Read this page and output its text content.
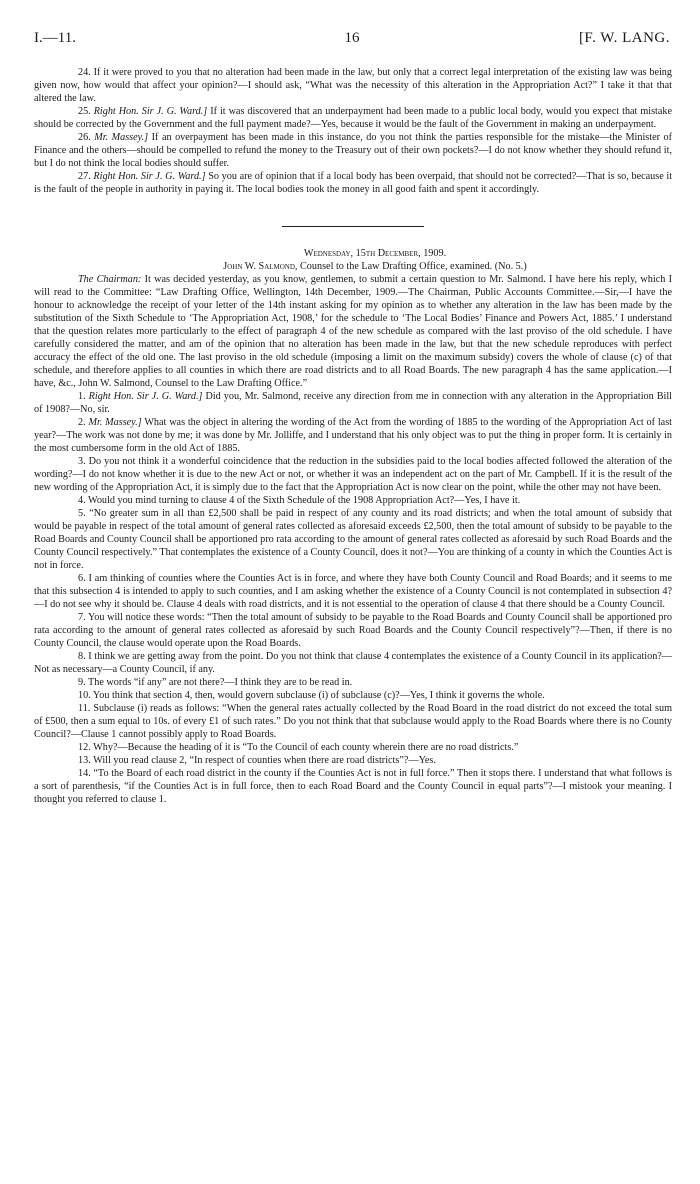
I.—11.	16	[F. W. LANG.

24. If it were proved to you that no alteration had been made in the law, but only that a correct legal interpretation of the existing law was being given now, how would that affect your opinion?—I should ask, “What was the necessity of this alteration in the Appropriation Act?” I take it that that altered the law.

25. Right Hon. Sir J. G. Ward.] If it was discovered that an underpayment had been made to a public local body, would you expect that mistake should be corrected by the Government and the full payment made?—Yes, because it would be the fault of the Government in making an underpayment.

26. Mr. Massey.] If an overpayment has been made in this instance, do you not think the parties responsible for the mistake—the Minister of Finance and the others—should be compelled to refund the money to the Treasury out of their own pockets?—I do not know whether they should refund it, but I do not think the local bodies should suffer.

27. Right Hon. Sir J. G. Ward.] So you are of opinion that if a local body has been overpaid, that should not be corrected?—That is so, because it is the fault of the people in authority in paying it. The local bodies took the money in all good faith and spent it accordingly.

Wednesday, 15th December, 1909.

John W. Salmond, Counsel to the Law Drafting Office, examined. (No. 5.)

The Chairman: It was decided yesterday, as you know, gentlemen, to submit a certain question to Mr. Salmond. I have here his reply, which I will read to the Committee: “Law Drafting Office, Wellington, 14th December, 1909.—The Chairman, Public Accounts Committee.—Sir,—I have the honour to acknowledge the receipt of your letter of the 14th instant asking for my opinion as to whether any alteration in the law has been made by the substitution of the Sixth Schedule to ‘The Appropriation Act, 1908,’ for the schedule to ‘The Local Bodies’ Finance and Powers Act, 1885.’ I understand that the question relates more particularly to the effect of paragraph 4 of the new schedule as compared with the last proviso of the old schedule. I have carefully considered the matter, and am of the opinion that no alteration has been made in the law, but that the new schedule reproduces with perfect accuracy the effect of the old one. The last proviso in the old schedule (imposing a limit on the maximum subsidy) covers the whole of clause (c) of that schedule, and therefore applies to all counties in which there are road districts and to all Road Boards. The new paragraph 4 has the same application.—I have, &c., John W. Salmond, Counsel to the Law Drafting Office.”

1. Right Hon. Sir J. G. Ward.] Did you, Mr. Salmond, receive any direction from me in connection with any alteration in the Appropriation Bill of 1908?—No, sir.

2. Mr. Massey.] What was the object in altering the wording of the Act from the wording of 1885 to the wording of the Appropriation Act of last year?—The work was not done by me; it was done by Mr. Jolliffe, and I understand that his only object was to put the thing in proper form. It is certainly in the most cumbersome form in the old Act of 1885.

3. Do you not think it a wonderful coincidence that the reduction in the subsidies paid to the local bodies affected followed the alteration of the wording?—I do not know whether it is due to the new Act or not, or whether it was an independent act on the part of Mr. Campbell. If it is the result of the new wording of the Appropriation Act, it is simply due to the fact that the Appropriation Act is now clear on the point, while the other may not have been.

4. Would you mind turning to clause 4 of the Sixth Schedule of the 1908 Appropriation Act?—Yes, I have it.

5. “No greater sum in all than £2,500 shall be paid in respect of any county and its road districts; and when the total amount of subsidy that would be payable in respect of the total amount of general rates collected as aforesaid exceeds £2,500, then the total amount of subsidy to be payable to the Road Boards and County Council shall be apportioned pro rata according to the amount of general rates collected as aforesaid by such Road Boards and the County Council respectively.” That contemplates the existence of a County Council, does it not?—You are thinking of a county in which the Counties Act is not in force.

6. I am thinking of counties where the Counties Act is in force, and where they have both County Council and Road Boards; and it seems to me that this subsection 4 is intended to apply to such counties, and I am asking whether the existence of a County Council is not contemplated in subsection 4?—I do not see why it should be. Clause 4 deals with road districts, and it is not essential to the operation of clause 4 that there should be a County Council.

7. You will notice these words: “Then the total amount of subsidy to be payable to the Road Boards and County Council shall be apportioned pro rata according to the amount of general rates collected as aforesaid by such Road Boards and the County Council respectively”?—Then, if there is no County Council, the clause would operate upon the Road Boards.

8. I think we are getting away from the point. Do you not think that clause 4 contemplates the existence of a County Council in its application?—Not as necessary—a County Council, if any.

9. The words “if any” are not there?—I think they are to be read in.

10. You think that section 4, then, would govern subclause (i) of subclause (c)?—Yes, I think it governs the whole.

11. Subclause (i) reads as follows: “When the general rates actually collected by the Road Board in the road district do not exceed the total sum of £500, then a sum equal to 10s. of every £1 of such rates.” Do you not think that that subclause would apply to the Road Boards where there is no County Council?—Clause 1 cannot possibly apply to Road Boards.

12. Why?—Because the heading of it is “To the Council of each county wherein there are no road districts.”

13. Will you read clause 2, “In respect of counties when there are road districts”?—Yes.

14. “To the Board of each road district in the county if the Counties Act is not in full force.” Then it stops there. I understand that what follows is a sort of parenthesis, “if the Counties Act is in full force, then to each Road Board and the County Council in equal parts”?—I mistook your meaning. I thought you referred to clause 1.
